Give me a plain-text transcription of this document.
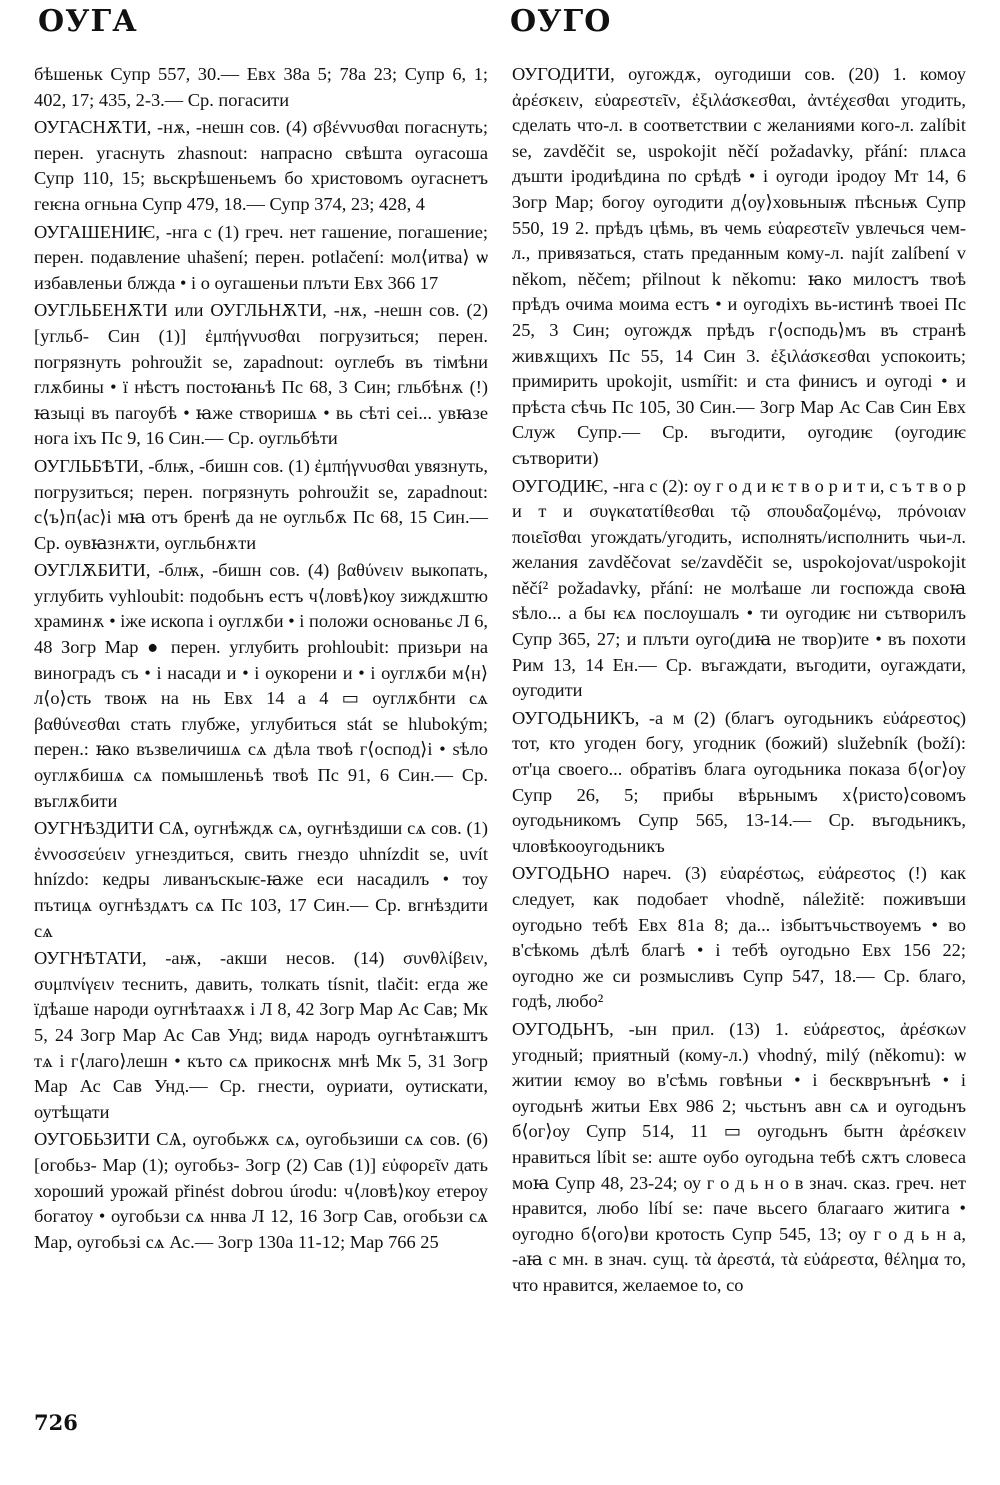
ОУГА	ОУГО

бѣшеньк Супр 557, 30.— Евх 38а 5; 78а 23; Супр 6, 1; 402, 17; 435, 2-3.— Ср. погасити

ОУГАСНѪТИ, -нѫ, -нешн сов. (4) σβέννυσθαι погаснуть; перен. угаснуть zhasnout: напрасно свѣшта оугасоша Супр 110, 15; вьскрѣшеньемъ бо христовомъ оугаснетъ геѥнa огньна Супр 479, 18.— Супр 374, 23; 428, 4

ОУГАШЕНИѤ, -нга с (1) греч. нет гашение, погашение; перен. подавление uhašení; перен. potlačení: мол⟨итва⟩ ѡ избавленьи блжда • і о оугашеньи плъти Евх 366 17

ОУГЛЬБЕНѪТИ или ОУГЛЬНѪТИ, -нѫ, -нешн сов. (2) [угльб- Син (1)] ἐμπήγνυσθαι погрузиться; перен. погрязнуть pohroužit se, zapadnout: оуглебъ въ тімѣни глѫбины • ї нѣстъ постоꙗньѣ Пс 68, 3 Син; гльбѣнѫ (!) ꙗзыці въ пагоубѣ • ꙗже створишѧ • вь сѣті сеі... увꙗзе нога іхъ Пс 9, 16 Син.— Ср. оугльбѣти

ОУГЛЬБѢТИ, -блѭ, -бишн сов. (1) ἐμπήγνυσθαι увязнуть, погрузиться; перен. погрязнуть pohroužit se, zapadnout: с⟨ъ⟩п⟨ас⟩і мꙗ отъ бренѣ да не оугльбѫ Пс 68, 15 Син.— Ср. оувꙗзнѫти, оугльбнѫти

ОУГЛѪБИТИ, -блѭ, -бишн сов. (4) βαθύνειν выкопать, углубить vyhloubit: подобьнъ естъ ч⟨ловѣ⟩коу зиждѫштю храминѫ • іже ископа і оуглѫби • і положи основаньє Л 6, 48 Зогр Мар ● перен. углубить prohloubit: призьри на виноградъ съ • і насади и • і оукорени и • і оуглѫби м⟨н⟩л⟨о⟩сть твоѭ на нь Евх 14 а 4 ▭ оуглѫбнти сѧ βαθύνεσθαι стать глубже, углубиться stát se hlubokým; перен.: ꙗко възвеличишѧ сѧ дѣла твоѣ г⟨оспод⟩і • ѕѣло оуглѫбишѧ сѧ помышленьѣ твоѣ Пс 91, 6 Син.— Ср. въглѫбити

ОУГНѢЗДИТИ СѦ, оугнѣждѫ сѧ, оугнѣздиши сѧ сов. (1) ἐννοσσεύειν угнездиться, свить гнездо uhnízdit se, uvít hnízdo: кедры ливанъскыѥ-ꙗже еси насадилъ • тоу пътицѧ оугнѣздѧтъ сѧ Пс 103, 17 Син.— Ср. вгнѣздити сѧ

ОУГНѢТАТИ, -аѭ, -акши несов. (14) συνθλίβειν, συμπνίγειν теснить, давить, толкать tísnit, tlačit: егда же їдѣаше народи оугнѣтаахѫ і Л 8, 42 Зогр Мар Ас Сав; Мк 5, 24 Зогр Мар Ас Сав Унд; видѧ народъ оугнѣтаѭштъ тѧ і г⟨лаго⟩лешн • къто сѧ прикоснѫ мнѣ Мк 5, 31 Зогр Мар Ас Сав Унд.— Ср. гнести, оуриати, оутискати, оутѣщати

ОУГОБЬЗИТИ СѦ, оугобьжѫ сѧ, оугобьзиши сѧ сов. (6) [огобьз- Мар (1); оугобьз- Зогр (2) Сав (1)] εὐφορεῖν дать хороший урожай přinést dobrou úrodu: ч⟨ловѣ⟩коу етероу богатоу • оугобьзи сѧ ннва Л 12, 16 Зогр Сав, огобьзи сѧ Мар, оугобьзі сѧ Ас.— Зогр 130а 11-12; Мар 766 25

ОУГОДИТИ, оугождѫ, оугодиши сов. (20) 1. комоу ἀρέσκειν, εὐαρεστεῖν, ἐξιλάσκεσθαι, ἀντέχεσθαι угодить, сделать что-л. в соответствии с желаниями кого-л. zalíbit se, zavděčit se, uspokojit něčí požadavky, přání: плѧса дъшти іродиѣдина по срѣдѣ • і оугоди іродоу Мт 14, 6 Зогр Мар; богоу оугодити д⟨оу⟩ховьныѭ пѣсньѭ Супр 550, 19 2. прѣдъ цѣмь, въ чемь εὐαρεστεῖν увлечься чем-л., привязаться, стать преданным кому-л. najít zalíbení v někom, něčem; přilnout k někomu: ꙗко милостъ твоѣ прѣдъ очима моима естъ • и оугодіхъ вь-истинѣ твоеі Пс 25, 3 Син; оугождѫ прѣдъ г⟨осподь⟩мъ въ странѣ живѫщихъ Пс 55, 14 Син 3. ἐξιλάσκεσθαι успокоить; примирить upokojit, usmířit: и ста финисъ и оугоді • и прѣста сѣчь Пс 105, 30 Син.— Зогр Мар Ас Сав Син Евх Служ Супр.— Ср. въгодити, оугодиѥ (оугодиѥ сътворити)

ОУГОДИѤ, -нга с (2): оу г о д и ѥ т в о р и т и, с ъ т в о р и т и συγκατατίθεσθαι τῷ σπουδαζομένῳ, πρόνοιαν ποιεῖσθαι угождать/угодить, исполнять/исполнить чьи-л. желания zavděčovat se/zavděčit se, uspokojovat/uspokojit něčí² požadavky, přání: не молѣаше ли госпожда своꙗ ѕѣло... а бы ѥѧ послоушалъ • ти оугодиѥ ни сътворилъ Супр 365, 27; и плъти оуго(диꙗ не твор)ите • въ похоти Рим 13, 14 Ен.— Ср. въгаждати, въгодити, оугаждати, оугодити

ОУГОДЬНИКЪ, -а м (2) (благъ оугодьникъ εὐάρεστος) тот, кто угоден богу, угодник (божий) služebník (boží): от'ца своего... обратівъ блага оугодьника показа б⟨ог⟩оу Супр 26, 5; прибы вѣрьнымъ х⟨ристо⟩совомъ оугодьникомъ Супр 565, 13-14.— Ср. въгодьникъ, чловѣкооугодьникъ

ОУГОДЬНО нареч. (3) εὐαρέστως, εὐάρεστος (!) как следует, как подобает vhodně, náležitě: поживъши оугодьно тебѣ Евх 81а 8; да... ізбытъчьствоуемъ • во в'сѣкомь дѣлѣ благѣ • і тебѣ оугодьно Евх 156 22; оугодно же си розмысливъ Супр 547, 18.— Ср. благо, годѣ, любо²

ОУГОДЬНЪ, -ын прил. (13) 1. εὐάρεστος, ἀρέσκων угодный; приятный (кому-л.) vhodný, milý (někomu): ѡ житии ѥмоу во в'сѣмь говѣньи • і бескврънънѣ • і оугодьнѣ житьи Евх 986 2; чьстьнъ авн сѧ и оугодьнъ б⟨ог⟩оу Супр 514, 11 ▭ оугодьнъ бытн ἀρέσκειν нравиться líbit se: аште оубо оугодьна тебѣ сѫтъ словеса моꙗ Супр 48, 23-24; оу г о д ь н о в знач. сказ. греч. нет нравится, любо líbí se: паче вьсего благааго житига • оугодно б⟨ого⟩ви кротость Супр 545, 13; оу г о д ь н а, -аꙗ с мн. в знач. сущ. τὰ ἀρεστά, τὰ εὐάρεστα, θέλημα то, что нравится, желаемое to, co

726
